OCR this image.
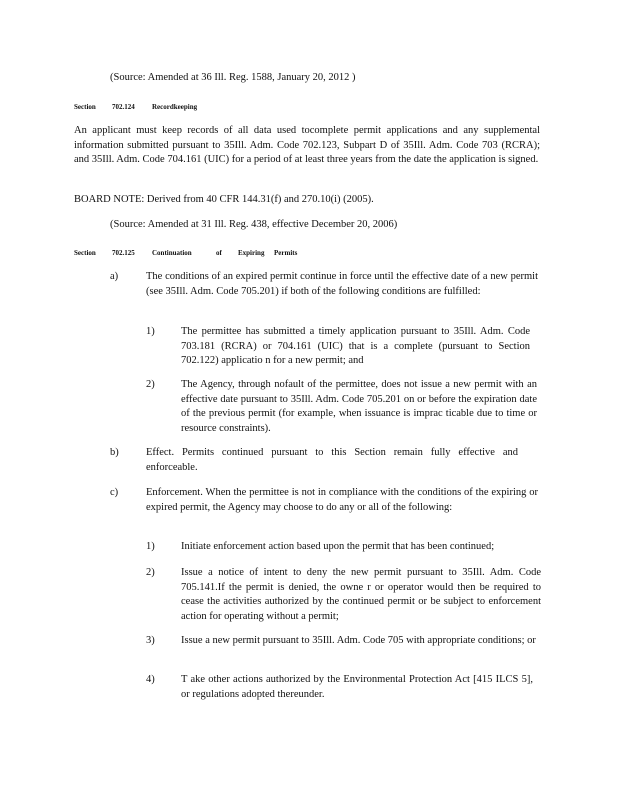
(Source: Amended at 36 Ill. Reg. 1588, January 20, 2012 )

Section 702.124 Recordkeeping

An applicant must keep records of all data used tocomplete permit applications and any supplemental information submitted pursuant to 35Ill. Adm. Code 702.123, Subpart D of 35Ill. Adm. Code 703 (RCRA); and 35Ill. Adm. Code 704.161 (UIC) for a period of at least three years from the date the application is signed.

BOARD NOTE: Derived from 40 CFR 144.31(f) and 270.10(i) (2005).

(Source: Amended at 31 Ill. Reg. 438, effective December 20, 2006)

Section 702.125 Continuation	of Expiring Permits
a)	The conditions of an expired permit continue in force until the effective date of a new permit (see 35Ill. Adm. Code 705.201) if both of the following conditions are fulfilled:

1)	The permittee has submitted a timely application pursuant to 35Ill. Adm. Code 703.181 (RCRA) or 704.161 (UIC) that is a complete (pursuant to Section 702.122) applicatio n for a new permit; and

2)	The Agency, through nofault of the permittee, does not issue a new permit with an effective date pursuant to 35Ill. Adm. Code 705.201 on or before the expiration date of the previous permit (for example, when issuance is imprac ticable due to time or resource constraints).

b)	Effect. Permits continued pursuant to this Section remain fully effective and enforceable.

c)	Enforcement. When the permittee is not in compliance with the conditions of the expiring or expired permit, the Agency may choose to do any or all of the following:

1)	Initiate enforcement action based upon the permit that has been continued;

2)	Issue a notice of intent to deny the new permit pursuant to 35Ill. Adm. Code 705.141.If the permit is denied, the owne r or operator would then be required to cease the activities authorized by the continued permit or be subject to enforcement action for operating without a permit;

3)	Issue a new permit pursuant to 35Ill. Adm. Code 705 with appropriate conditions; or

4)	T ake other actions authorized by the Environmental Protection Act [415 ILCS 5], or regulations adopted thereunder.
